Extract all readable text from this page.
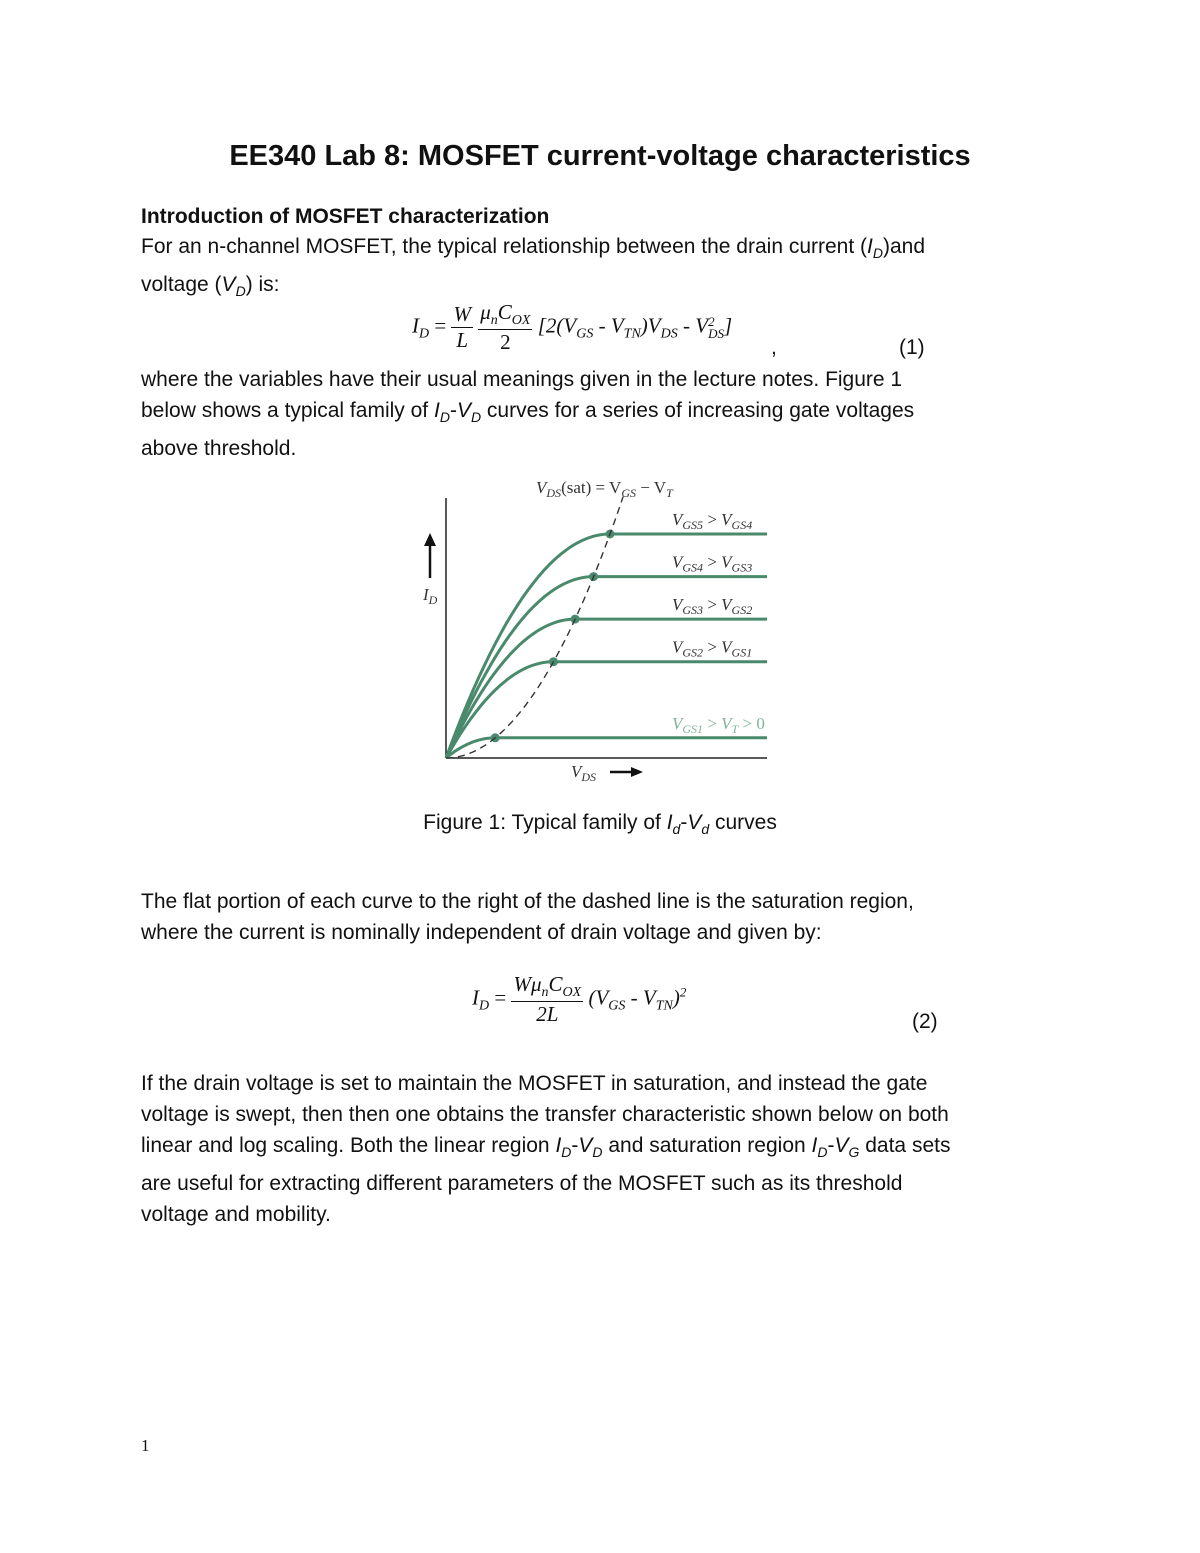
EE340 Lab 8: MOSFET current-voltage characteristics
Introduction of MOSFET characterization

For an n-channel MOSFET, the typical relationship between the drain current $(I_D)and$

voltage $(V_D)$ is:

$I_D = \frac{W}{L}$
$\frac{\mu_nC_{OX}}{2} [2(V_{GS} - V_{TN})V_{DS}$ - V 2
DS ]
,	(1)

where the variables have their usual meanings given in the lecture notes. Figure 1

below shows a typical family of $I_D-V_D$ curves for a series of increasing gate voltages

above threshold.

$V_{DS}(sat) = V_{GS} - V_T$
$I_D$
$V_{DS}$
$V_{GS5} > V_{GS4}$
$V_{GS4} > V_{GS3}$
$V_{GS3} > V_{GS2}$
$V_{GS2} > V_{GS1}$
$V_{GS1} > V_T > 0$
Figure 1: Typical family of $I_d-V_d$ curves

The flat portion of each curve to the right of the dashed line is the saturation region,

where the current is nominally independent of drain voltage and given by:

$I_D = \frac{W\mu_nC_{OX}}{2L} (V_{GS} - V_{TN})^2$
(2)

If the drain voltage is set to maintain the MOSFET in saturation, and instead the gate

voltage is swept, then then one obtains the transfer characteristic shown below on both

linear and log scaling. Both the linear region $I_D-V_D$ and saturation region $I_D-V_G$ data sets

are useful for extracting different parameters of the MOSFET such as its threshold

voltage and mobility.

1
